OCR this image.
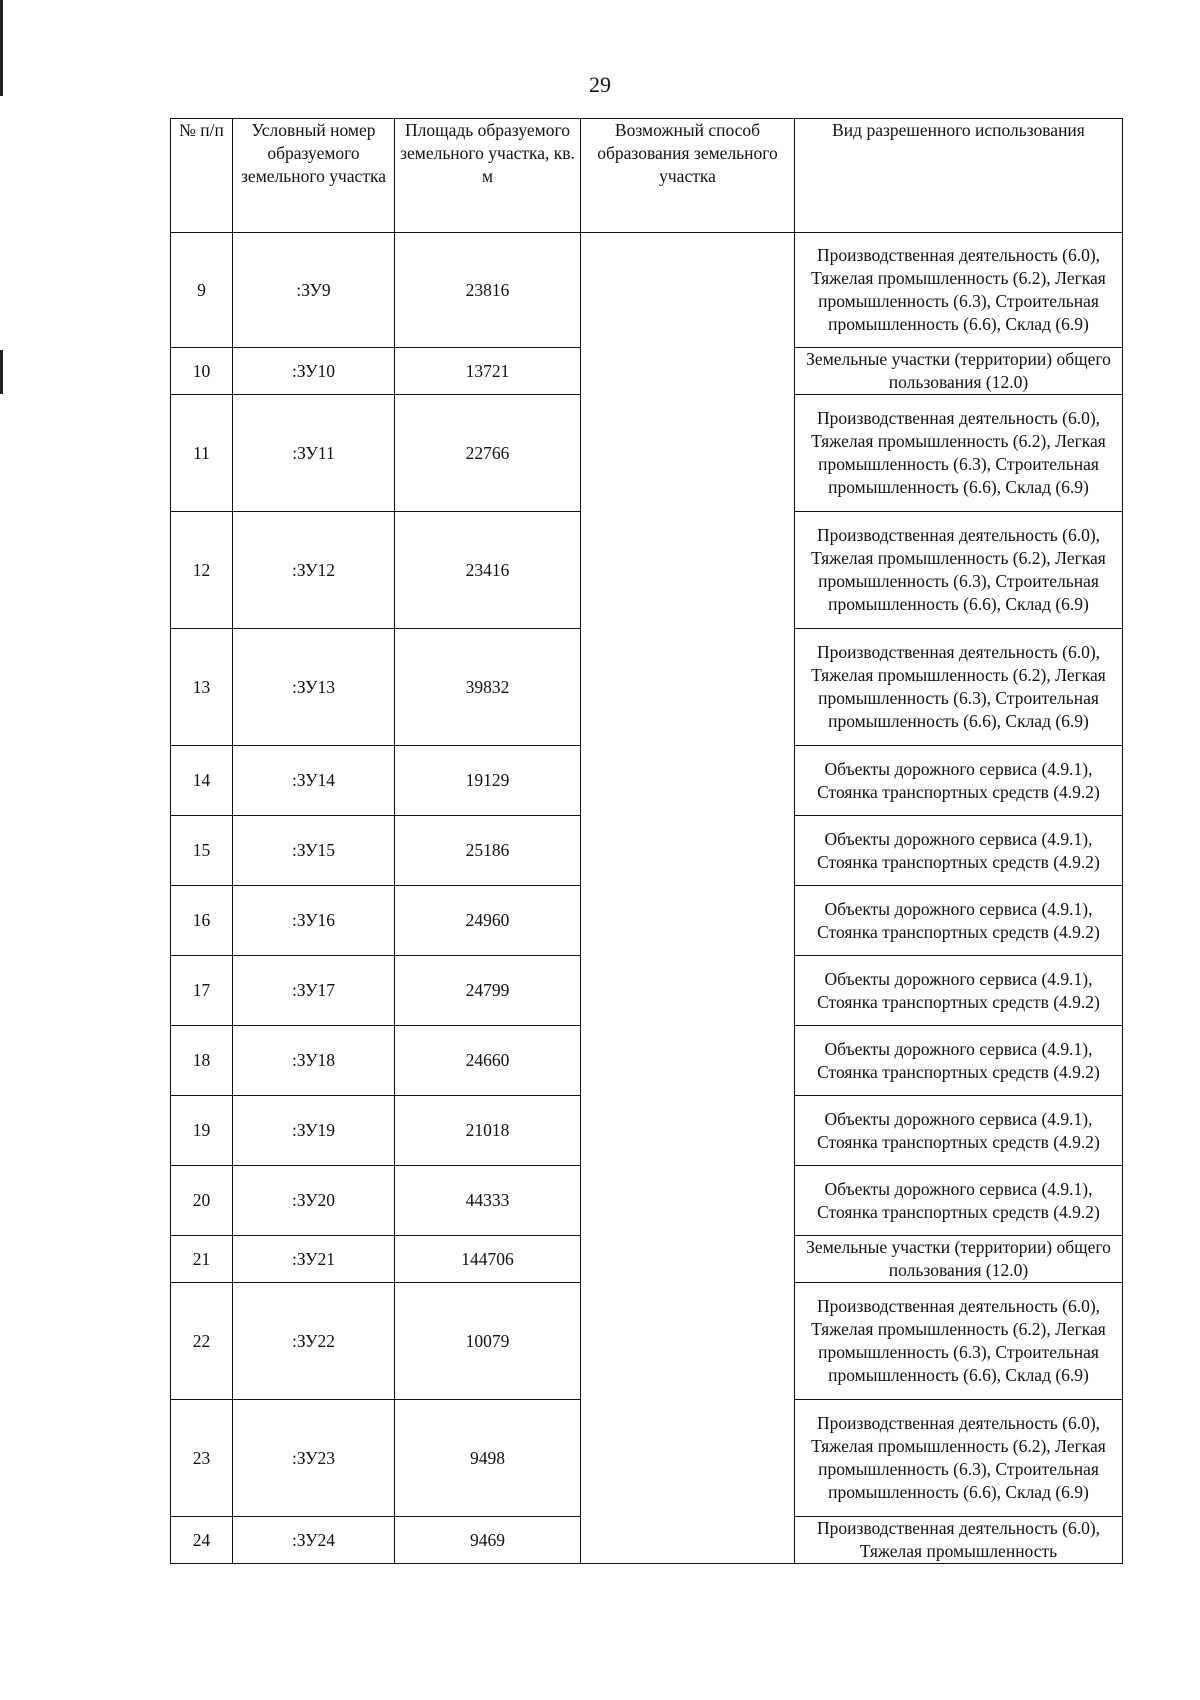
29
№ п/п	Условный номер образуемого земельного участка	Площадь образуемого земельного участка, кв. м	Возможный способ образования земельного участка	Вид разрешенного использования
9	:ЗУ9	23816		Производственная деятельность (6.0), Тяжелая промышленность (6.2), Легкая промышленность (6.3), Строительная промышленность (6.6), Склад (6.9)
10	:ЗУ10	13721		Земельные участки (территории) общего пользования (12.0)
11	:ЗУ11	22766		Производственная деятельность (6.0), Тяжелая промышленность (6.2), Легкая промышленность (6.3), Строительная промышленность (6.6), Склад (6.9)
12	:ЗУ12	23416		Производственная деятельность (6.0), Тяжелая промышленность (6.2), Легкая промышленность (6.3), Строительная промышленность (6.6), Склад (6.9)
13	:ЗУ13	39832		Производственная деятельность (6.0), Тяжелая промышленность (6.2), Легкая промышленность (6.3), Строительная промышленность (6.6), Склад (6.9)
14	:ЗУ14	19129		Объекты дорожного сервиса (4.9.1), Стоянка транспортных средств (4.9.2)
15	:ЗУ15	25186		Объекты дорожного сервиса (4.9.1), Стоянка транспортных средств (4.9.2)
16	:ЗУ16	24960		Объекты дорожного сервиса (4.9.1), Стоянка транспортных средств (4.9.2)
17	:ЗУ17	24799		Объекты дорожного сервиса (4.9.1), Стоянка транспортных средств (4.9.2)
18	:ЗУ18	24660		Объекты дорожного сервиса (4.9.1), Стоянка транспортных средств (4.9.2)
19	:ЗУ19	21018		Объекты дорожного сервиса (4.9.1), Стоянка транспортных средств (4.9.2)
20	:ЗУ20	44333		Объекты дорожного сервиса (4.9.1), Стоянка транспортных средств (4.9.2)
21	:ЗУ21	144706		Земельные участки (территории) общего пользования (12.0)
22	:ЗУ22	10079		Производственная деятельность (6.0), Тяжелая промышленность (6.2), Легкая промышленность (6.3), Строительная промышленность (6.6), Склад (6.9)
23	:ЗУ23	9498		Производственная деятельность (6.0), Тяжелая промышленность (6.2), Легкая промышленность (6.3), Строительная промышленность (6.6), Склад (6.9)
24	:ЗУ24	9469		Производственная деятельность (6.0), Тяжелая промышленность
